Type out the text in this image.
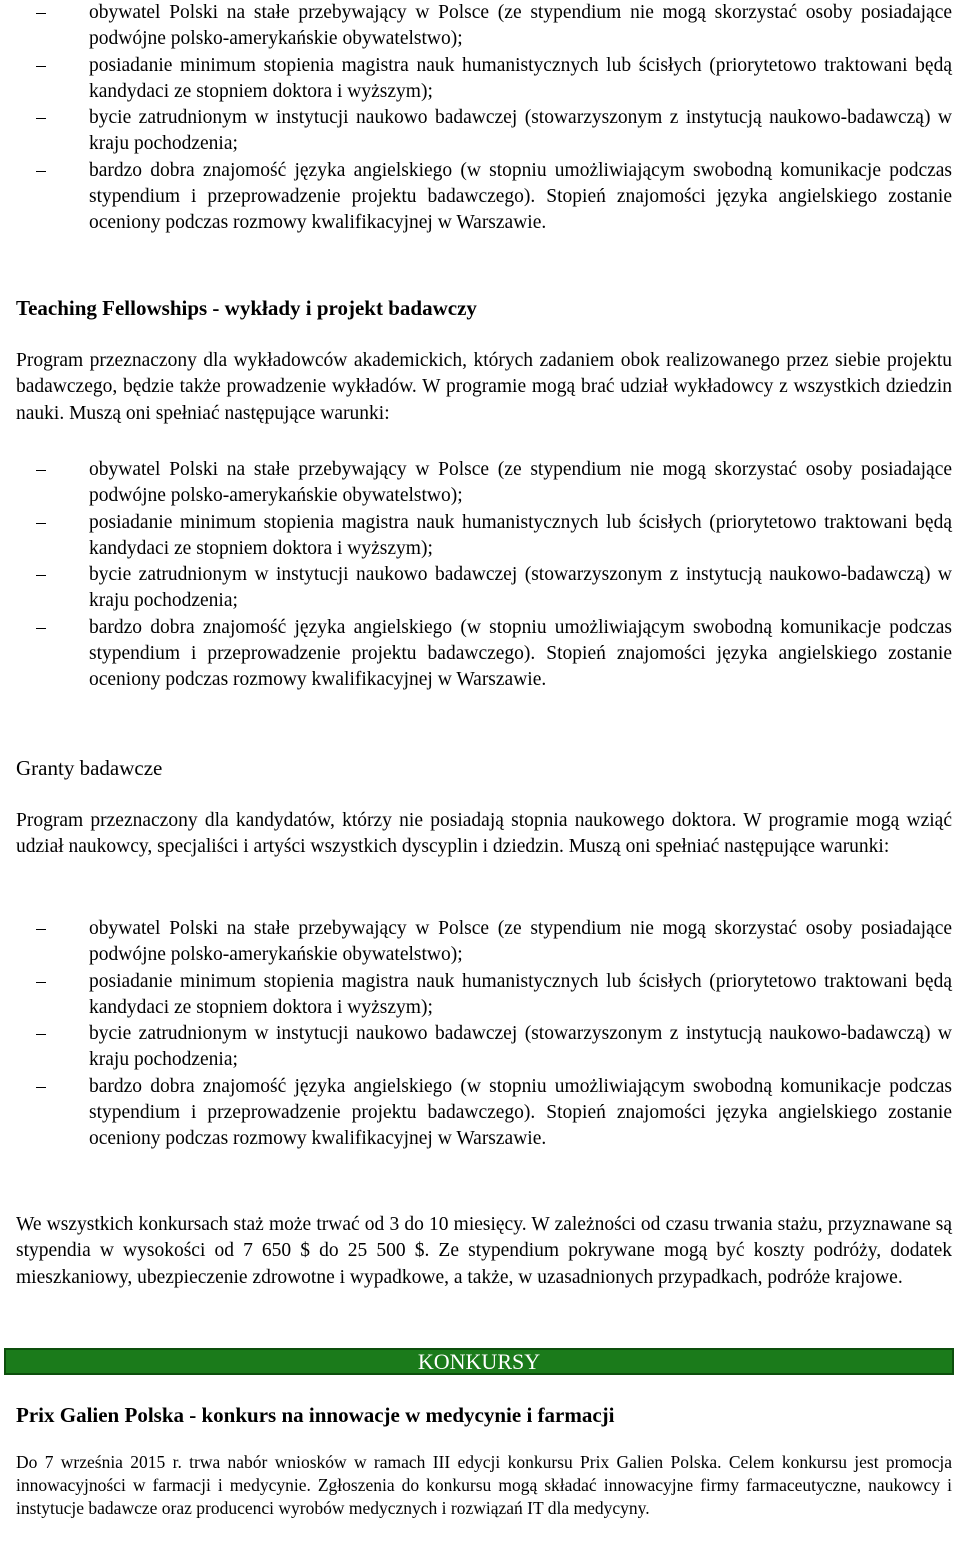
–	obywatel Polski na stałe przebywający w Polsce (ze stypendium nie mogą skorzystać osoby posiadające podwójne polsko-amerykańskie obywatelstwo);
–	posiadanie minimum stopienia magistra nauk humanistycznych lub ścisłych (priorytetowo traktowani będą kandydaci ze stopniem doktora i wyższym);
–	bycie zatrudnionym w instytucji naukowo badawczej (stowarzyszonym z instytucją naukowo-badawczą) w kraju pochodzenia;
–	bardzo dobra znajomość języka angielskiego (w stopniu umożliwiającym swobodną komunikacje podczas stypendium i przeprowadzenie projektu badawczego). Stopień znajomości języka angielskiego zostanie oceniony podczas rozmowy kwalifikacyjnej w Warszawie.
Teaching Fellowships - wykłady i projekt badawczy

Program przeznaczony dla wykładowców akademickich, których zadaniem obok realizowanego przez siebie projektu badawczego, będzie także prowadzenie wykładów. W programie mogą brać udział wykładowcy z wszystkich dziedzin nauki. Muszą oni spełniać następujące warunki:

–	obywatel Polski na stałe przebywający w Polsce (ze stypendium nie mogą skorzystać osoby posiadające podwójne polsko-amerykańskie obywatelstwo);
–	posiadanie minimum stopienia magistra nauk humanistycznych lub ścisłych (priorytetowo traktowani będą kandydaci ze stopniem doktora i wyższym);
–	bycie zatrudnionym w instytucji naukowo badawczej (stowarzyszonym z instytucją naukowo-badawczą) w kraju pochodzenia;
–	bardzo dobra znajomość języka angielskiego (w stopniu umożliwiającym swobodną komunikacje podczas stypendium i przeprowadzenie projektu badawczego). Stopień znajomości języka angielskiego zostanie oceniony podczas rozmowy kwalifikacyjnej w Warszawie.
Granty badawcze

Program przeznaczony dla kandydatów, którzy nie posiadają stopnia naukowego doktora. W programie mogą wziąć udział naukowcy, specjaliści i artyści wszystkich dyscyplin i dziedzin. Muszą oni spełniać następujące warunki:

–	obywatel Polski na stałe przebywający w Polsce (ze stypendium nie mogą skorzystać osoby posiadające podwójne polsko-amerykańskie obywatelstwo);
–	posiadanie minimum stopienia magistra nauk humanistycznych lub ścisłych (priorytetowo traktowani będą kandydaci ze stopniem doktora i wyższym);
–	bycie zatrudnionym w instytucji naukowo badawczej (stowarzyszonym z instytucją naukowo-badawczą) w kraju pochodzenia;
–	bardzo dobra znajomość języka angielskiego (w stopniu umożliwiającym swobodną komunikacje podczas stypendium i przeprowadzenie projektu badawczego). Stopień znajomości języka angielskiego zostanie oceniony podczas rozmowy kwalifikacyjnej w Warszawie.

We wszystkich konkursach staż może trwać od 3 do 10 miesięcy. W zależności od czasu trwania stażu, przyznawane są stypendia w wysokości od 7 650 $ do 25 500 $. Ze stypendium pokrywane mogą być koszty podróży, dodatek mieszkaniowy, ubezpieczenie zdrowotne i wypadkowe, a także, w uzasadnionych przypadkach, podróże krajowe.

KONKURSY
Prix Galien Polska - konkurs na innowacje w medycynie i farmacji

Do 7 września 2015 r. trwa nabór wniosków w ramach III edycji konkursu Prix Galien Polska. Celem konkursu jest promocja innowacyjności w farmacji i medycynie. Zgłoszenia do konkursu mogą składać innowacyjne firmy farmaceutyczne, naukowcy i instytucje badawcze oraz producenci wyrobów medycznych i rozwiązań IT dla medycyny.
